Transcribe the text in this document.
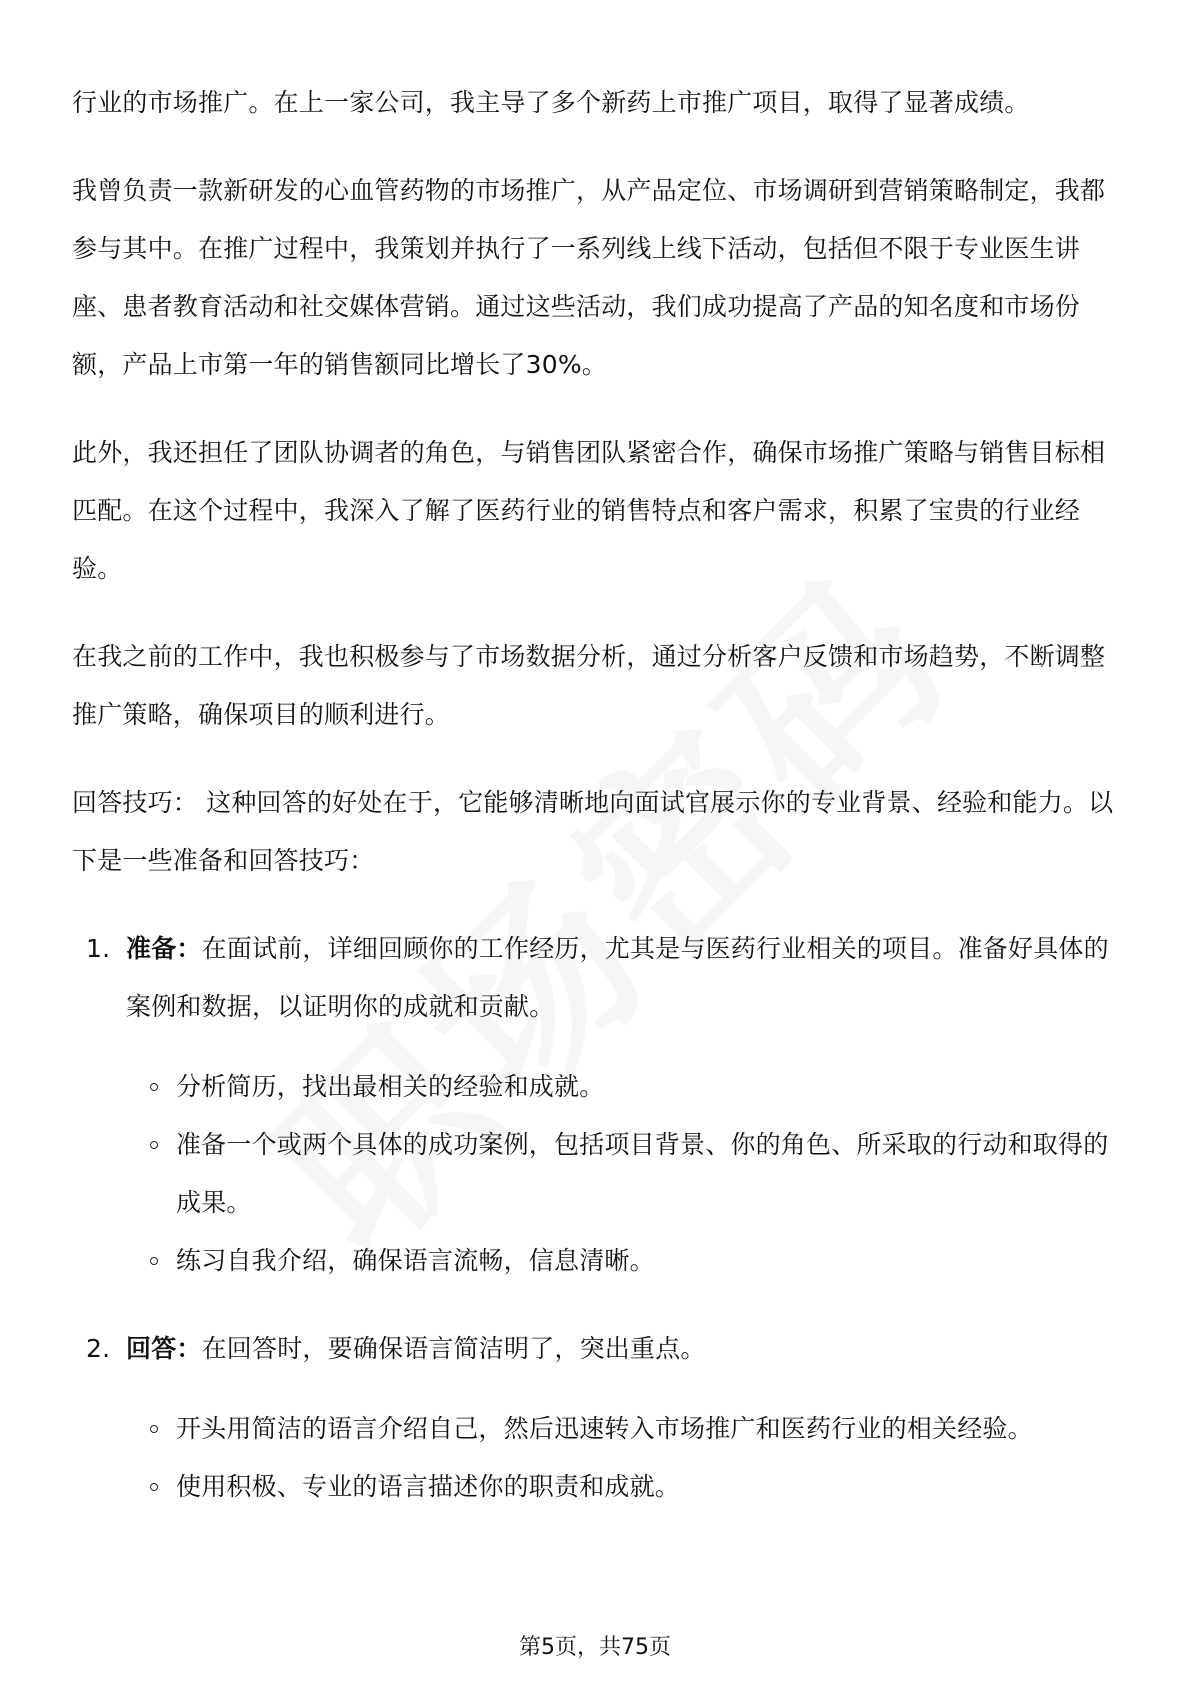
行业的市场推广。在上一家公司，我主导了多个新药上市推广项目，取得了显著成绩。

我曾负责一款新研发的心血管药物的市场推广，从产品定位、市场调研到营销策略制定，我都参与其中。在推广过程中，我策划并执行了一系列线上线下活动，包括但不限于专业医生讲座、患者教育活动和社交媒体营销。通过这些活动，我们成功提高了产品的知名度和市场份额，产品上市第一年的销售额同比增长了30%。

此外，我还担任了团队协调者的角色，与销售团队紧密合作，确保市场推广策略与销售目标相匹配。在这个过程中，我深入了解了医药行业的销售特点和客户需求，积累了宝贵的行业经验。

在我之前的工作中，我也积极参与了市场数据分析，通过分析客户反馈和市场趋势，不断调整推广策略，确保项目的顺利进行。

回答技巧： 这种回答的好处在于，它能够清晰地向面试官展示你的专业背景、经验和能力。以下是一些准备和回答技巧：

1. 准备：在面试前，详细回顾你的工作经历，尤其是与医药行业相关的项目。准备好具体的案例和数据，以证明你的成就和贡献。
分析简历，找出最相关的经验和成就。
准备一个或两个具体的成功案例，包括项目背景、你的角色、所采取的行动和取得的成果。
练习自我介绍，确保语言流畅，信息清晰。
2. 回答：在回答时，要确保语言简洁明了，突出重点。
开头用简洁的语言介绍自己，然后迅速转入市场推广和医药行业的相关经验。
使用积极、专业的语言描述你的职责和成就。
第5页，共75页
